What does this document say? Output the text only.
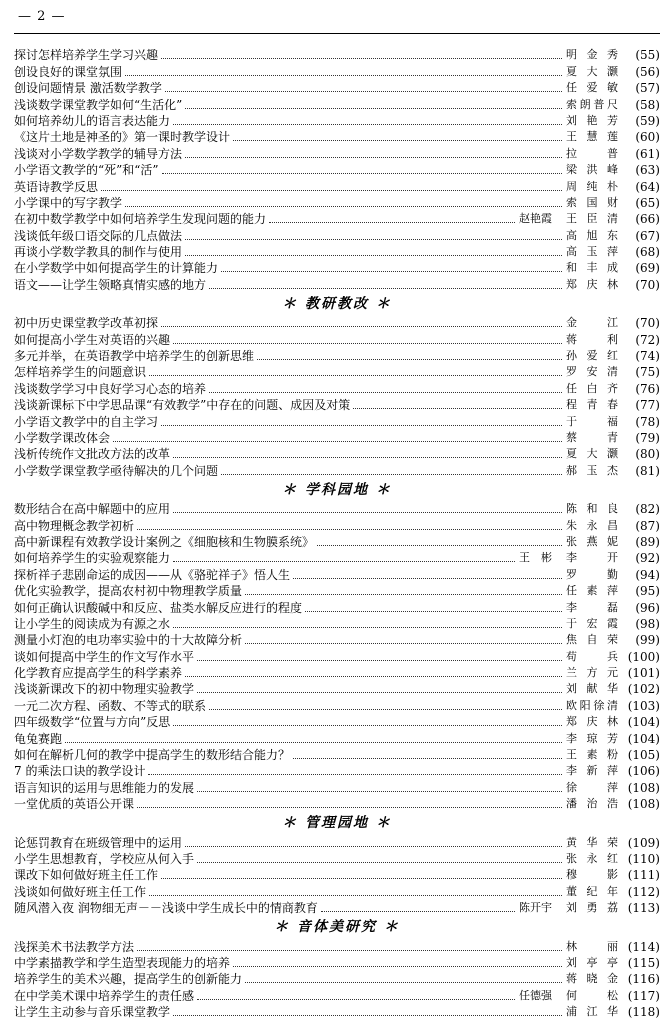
— 2 —
探讨怎样培养学生学习兴趣	明金秀	(55)
创设良好的课堂氛围	夏大灏	(56)
创设问题情景 激活数学教学	任爱敏	(57)
浅谈数学课堂教学如何“生活化”	索朗普尺	(58)
如何培养幼儿的语言表达能力	刘艳芳	(59)
《这片土地是神圣的》第一课时教学设计	王慧莲	(60)
浅谈对小学数学教学的辅导方法	拉　普	(61)
小学语文教学的“死”和“活”	梁洪峰	(63)
英语诗教学反思	周纯朴	(64)
小学课中的写字教学	索国财	(65)
在初中数学教学中如何培养学生发现问题的能力	赵艳霞 王臣清	(66)
浅谈低年级口语交际的几点做法	高旭东	(67)
再谈小学数学教具的制作与使用	高玉萍	(68)
在小学数学中如何提高学生的计算能力	和丰成	(69)
语文——让学生领略真情实感的地方	郑庆林	(70)
＊ 教研教改 ＊
初中历史课堂教学改革初探	金　江	(70)
如何提高小学生对英语的兴趣	蒋　利	(72)
多元并举，在英语教学中培养学生的创新思维	孙爱红	(74)
怎样培养学生的问题意识	罗安清	(75)
浅谈数学学习中良好学习心态的培养	任白齐	(76)
浅谈新课标下中学思品课“有效教学”中存在的问题、成因及对策	程青春	(77)
小学语文教学中的自主学习	于　福	(78)
小学数学课改体会	蔡　青	(79)
浅析传统作文批改方法的改革	夏大灏	(80)
小学数学课堂教学亟待解决的几个问题	郝玉杰	(81)
＊ 学科园地 ＊
数形结合在高中解题中的应用	陈和良	(82)
高中物理概念教学初析	朱永昌	(87)
高中新课程有效教学设计案例之《细胞核和生物膜系统》	张燕妮	(89)
如何培养学生的实验观察能力	王　彬 李　开	(92)
探析祥子悲剧命运的成因——从《骆驼祥子》悟人生	罗　勤	(94)
优化实验教学，提高农村初中物理教学质量	任素萍	(95)
如何正确认识酸碱中和反应、盐类水解反应进行的程度	李　磊	(96)
让小学生的阅读成为有源之水	于宏霞	(98)
测量小灯泡的电功率实验中的十大故障分析	焦自荣	(99)
谈如何提高中学生的作文写作水平	苟　兵 (100)
化学教育应提高学生的科学素养	兰方元 (101)
浅谈新课改下的初中物理实验教学	刘献华 (102)
一元二次方程、函数、不等式的联系	欧阳徐清 (103)
四年级数学“位置与方向”反思	郑庆林 (104)
龟兔赛跑	李琼芳 (104)
如何在解析几何的教学中提高学生的数形结合能力？	王素粉 (105)
7 的乘法口诀的教学设计	李新萍 (106)
语言知识的运用与思维能力的发展	徐　萍 (108)
一堂优质的英语公开课	潘治浩 (108)
＊ 管理园地 ＊
论惩罚教育在班级管理中的运用	黄华荣 (109)
小学生思想教育，学校应从何入手	张永红 (110)
课改下如何做好班主任工作	穆　影 (111)
浅谈如何做好班主任工作	董纪年 (112)
随风潜入夜 润物细无声－－浅谈中学生成长中的情商教育	陈开宇 刘勇荔 (113)
＊ 音体美研究 ＊
浅探美术书法教学方法	林　丽 (114)
中学素描教学和学生造型表现能力的培养	刘亭亭 (115)
培养学生的美术兴趣，提高学生的创新能力	蒋晓金 (116)
在中学美术课中培养学生的责任感	任德强 何　松 (117)
让学生主动参与音乐课堂教学	浦江华 (118)
